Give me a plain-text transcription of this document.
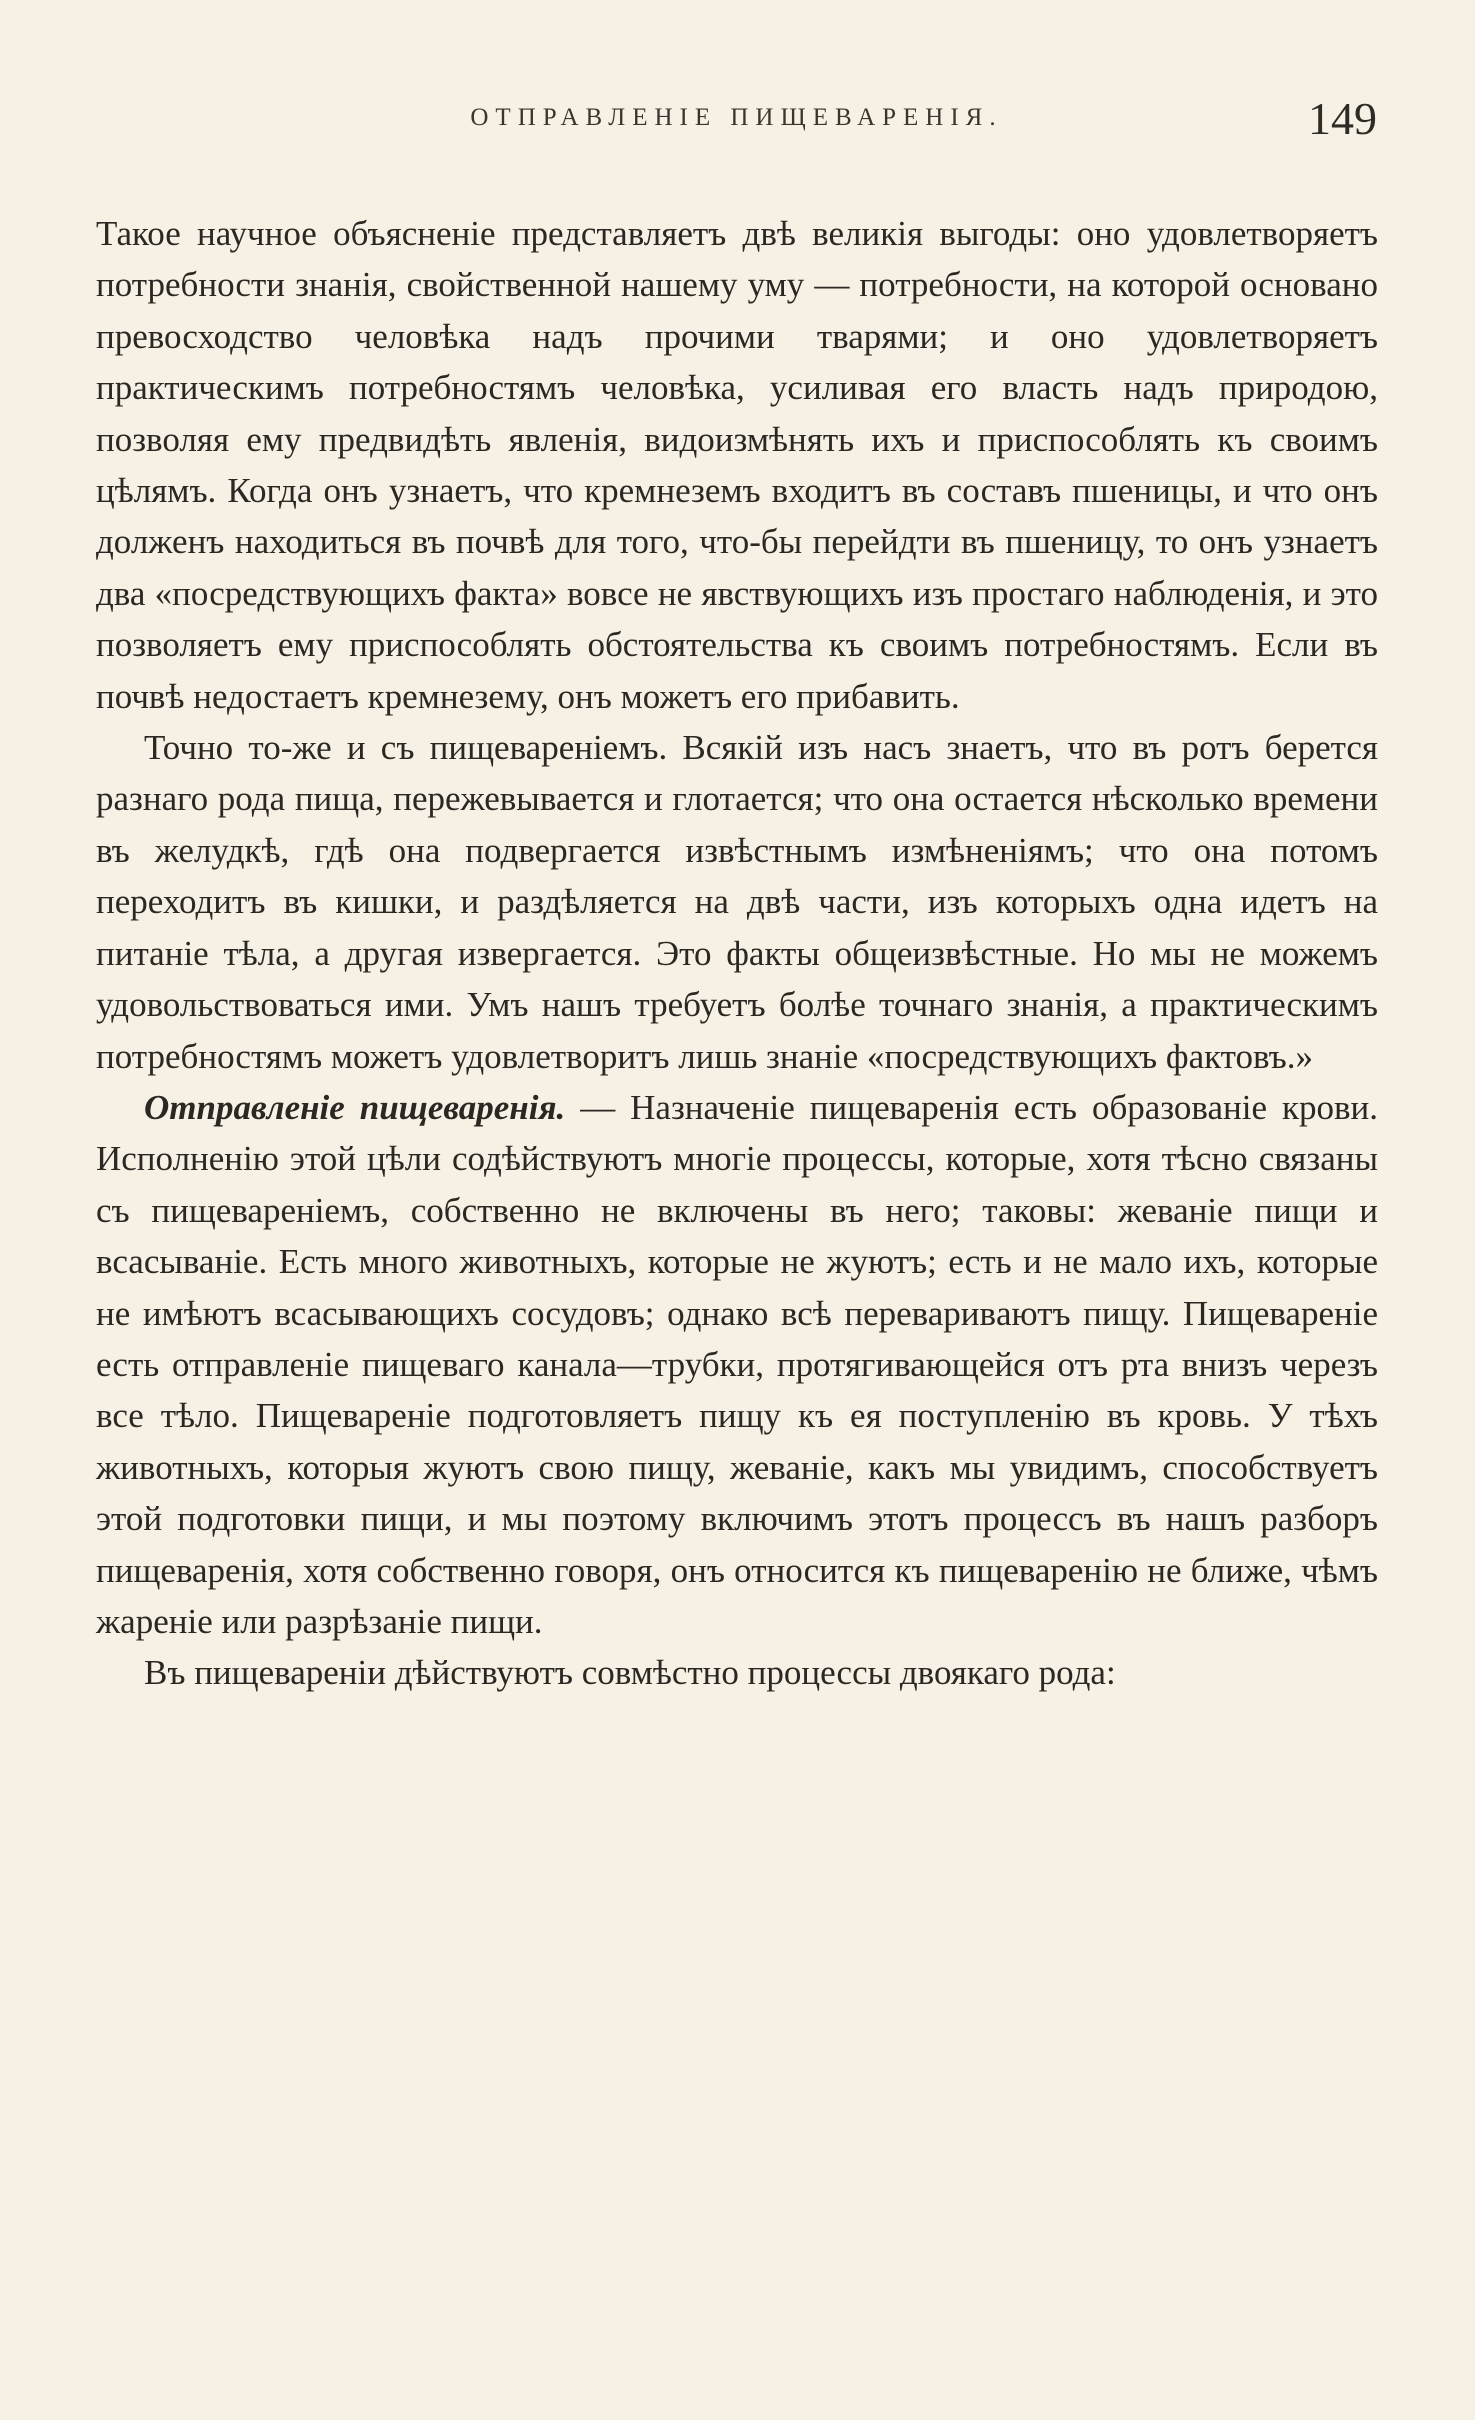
ОТПРАВЛЕНІЕ ПИЩЕВАРЕНІЯ.	149

Такое научное объясненіе представляетъ двѣ великія выгоды: оно удовлетворяетъ потребности знанія, свойственной нашему уму — потребности, на которой основано превосходство человѣка надъ прочими тварями; и оно удовлетворяетъ практическимъ потребностямъ человѣка, усиливая его власть надъ природою, позволяя ему предвидѣть явленія, видоизмѣнять ихъ и приспособлять къ своимъ цѣлямъ. Когда онъ узнаетъ, что кремнеземъ входитъ въ составъ пшеницы, и что онъ долженъ находиться въ почвѣ для того, что-бы перейдти въ пшеницу, то онъ узнаетъ два «посредствующихъ факта» вовсе не явствующихъ изъ простаго наблюденія, и это позволяетъ ему приспособлять обстоятельства къ своимъ потребностямъ. Если въ почвѣ недостаетъ кремнезему, онъ можетъ его прибавить.

Точно то-же и съ пищевареніемъ. Всякій изъ насъ знаетъ, что въ ротъ берется разнаго рода пища, пережевывается и глотается; что она остается нѣсколько времени въ желудкѣ, гдѣ она подвергается извѣстнымъ измѣненіямъ; что она потомъ переходитъ въ кишки, и раздѣляется на двѣ части, изъ которыхъ одна идетъ на питаніе тѣла, а другая извергается. Это факты общеизвѣстные. Но мы не можемъ удовольствоваться ими. Умъ нашъ требуетъ болѣе точнаго знанія, а практическимъ потребностямъ можетъ удовлетворитъ лишь знаніе «посредствующихъ фактовъ.»

Отправленіе пищеваренія. — Назначеніе пищеваренія есть образованіе крови. Исполненію этой цѣли содѣйствуютъ многіе процессы, которые, хотя тѣсно связаны съ пищевареніемъ, собственно не включены въ него; таковы: жеваніе пищи и всасываніе. Есть много животныхъ, которые не жуютъ; есть и не мало ихъ, которые не имѣютъ всасывающихъ сосудовъ; однако всѣ переваривaютъ пищу. Пищевареніе есть отправленіе пищеваго канала—трубки, протягивающейся отъ рта внизъ черезъ все тѣло. Пищевареніе подготовляетъ пищу къ ея поступленію въ кровь. У тѣхъ животныхъ, которыя жуютъ свою пищу, жеваніе, какъ мы увидимъ, способствуетъ этой подготовки пищи, и мы поэтому включимъ этотъ процессъ въ нашъ разборъ пищеваренія, хотя собственно говоря, онъ относится къ пищеваренію не ближе, чѣмъ жареніе или разрѣзаніе пищи.

Въ пищевареніи дѣйствуютъ совмѣстно процессы двоякаго рода:
